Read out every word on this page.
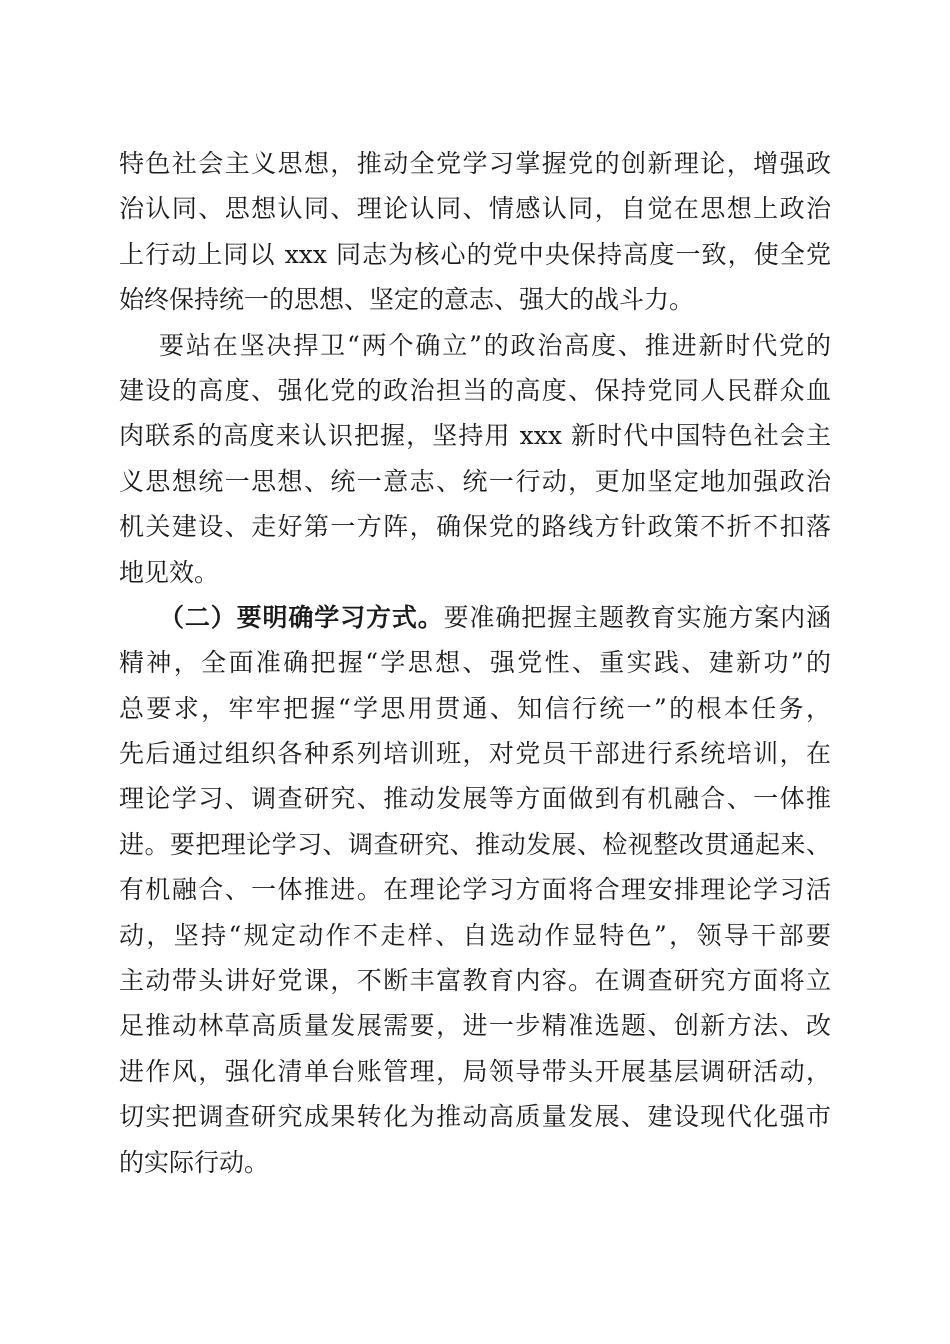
特色社会主义思想，推动全党学习掌握党的创新理论，增强政
治认同、思想认同、理论认同、情感认同，自觉在思想上政治
上行动上同以 xxx 同志为核心的党中央保持高度一致，使全党
始终保持统一的思想、坚定的意志、强大的战斗力。
要站在坚决捍卫“两个确立”的政治高度、推进新时代党的
建设的高度、强化党的政治担当的高度、保持党同人民群众血
肉联系的高度来认识把握，坚持用 xxx 新时代中国特色社会主
义思想统一思想、统一意志、统一行动，更加坚定地加强政治
机关建设、走好第一方阵，确保党的路线方针政策不折不扣落
地见效。
（二）要明确学习方式。要准确把握主题教育实施方案内涵
精神，全面准确把握“学思想、强党性、重实践、建新功”的
总要求，牢牢把握“学思用贯通、知信行统一”的根本任务，
先后通过组织各种系列培训班，对党员干部进行系统培训，在
理论学习、调查研究、推动发展等方面做到有机融合、一体推
进。要把理论学习、调查研究、推动发展、检视整改贯通起来、
有机融合、一体推进。在理论学习方面将合理安排理论学习活
动，坚持“规定动作不走样、自选动作显特色”，领导干部要
主动带头讲好党课，不断丰富教育内容。在调查研究方面将立
足推动林草高质量发展需要，进一步精准选题、创新方法、改
进作风，强化清单台账管理，局领导带头开展基层调研活动，
切实把调查研究成果转化为推动高质量发展、建设现代化强市
的实际行动。
